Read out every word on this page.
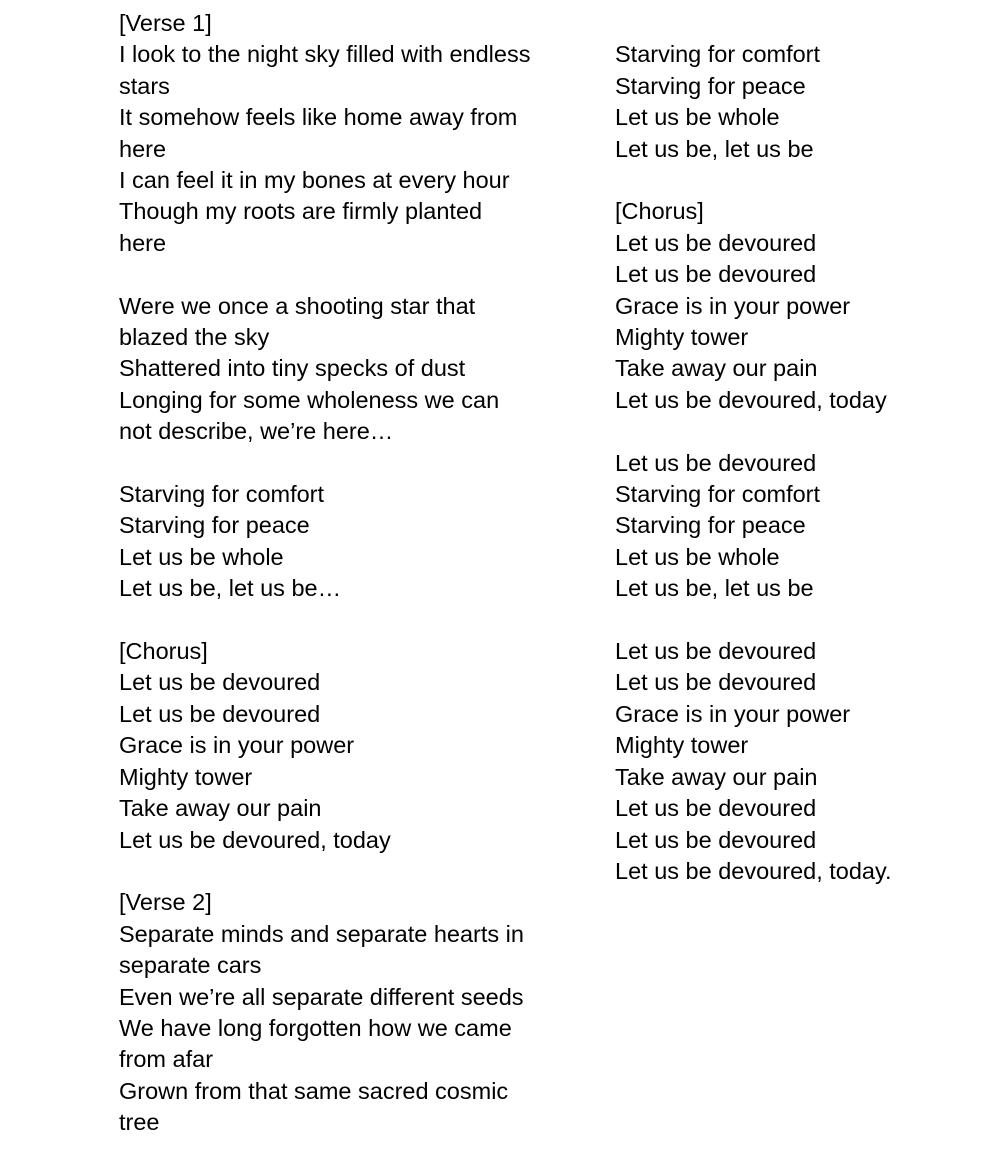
[Verse 1]
I look to the night sky filled with endless
stars
It somehow feels like home away from
here
I can feel it in my bones at every hour
Though my roots are firmly planted
here
Were we once a shooting star that
blazed the sky
Shattered into tiny specks of dust
Longing for some wholeness we can
not describe, we’re here…
Starving for comfort
Starving for peace
Let us be whole
Let us be, let us be…
[Chorus]
Let us be devoured
Let us be devoured
Grace is in your power
Mighty tower
Take away our pain
Let us be devoured, today
[Verse 2]
Separate minds and separate hearts in
separate cars
Even we’re all separate different seeds
We have long forgotten how we came
from afar
Grown from that same sacred cosmic
tree
Starving for comfort
Starving for peace
Let us be whole
Let us be, let us be
[Chorus]
Let us be devoured
Let us be devoured
Grace is in your power
Mighty tower
Take away our pain
Let us be devoured, today
Let us be devoured
Starving for comfort
Starving for peace
Let us be whole
Let us be, let us be
Let us be devoured
Let us be devoured
Grace is in your power
Mighty tower
Take away our pain
Let us be devoured
Let us be devoured
Let us be devoured, today.
